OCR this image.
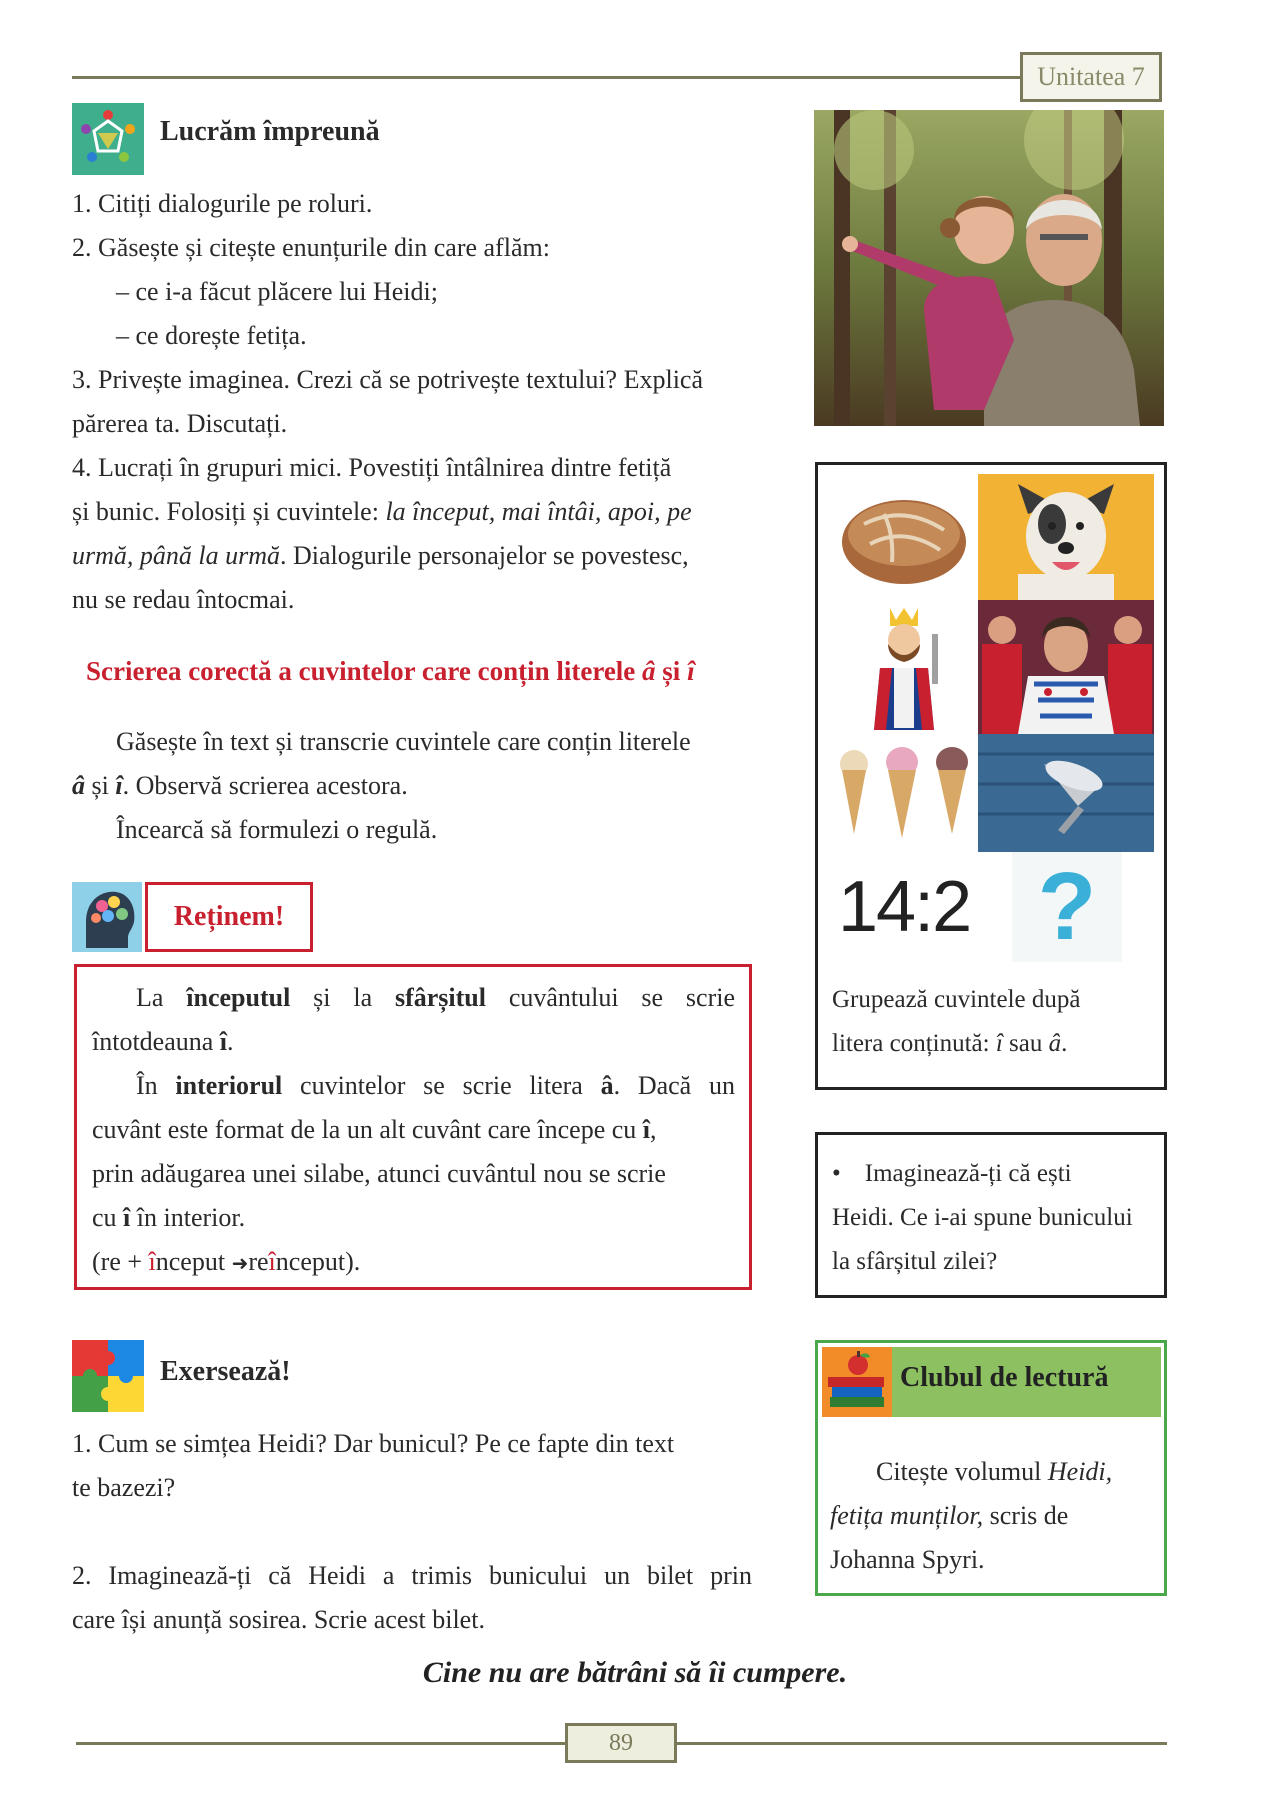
Unitatea 7
Lucrăm împreună
1. Citiți dialogurile pe roluri.
2. Găsește și citește enunțurile din care aflăm:
– ce i-a făcut plăcere lui Heidi;
– ce dorește fetița.
3. Privește imaginea. Crezi că se potrivește textului? Explică
părerea ta. Discutați.
4. Lucrați în grupuri mici. Povestiți întâlnirea dintre fetiță
și bunic. Folosiți și cuvintele: la început, mai întâi, apoi, pe
urmă, până la urmă. Dialogurile personajelor se povestesc,
nu se redau întocmai.
Scrierea corectă a cuvintelor care conțin literele â și î
Găsește în text și transcrie cuvintele care conțin literele
â și î. Observă scrierea acestora.
Încearcă să formulezi o regulă.
Reținem!
La începutul și la sfârșitul cuvântului se scrie
întotdeauna î.
În interiorul cuvintelor se scrie litera â. Dacă un
cuvânt este format de la un alt cuvânt care începe cu î,
prin adăugarea unei silabe, atunci cuvântul nou se scrie
cu î în interior.
(re + început ➜reînceput).
Exersează!
1. Cum se simțea Heidi? Dar bunicul? Pe ce fapte din text
te bazezi?
2. Imaginează-ți că Heidi a trimis bunicului un bilet prin
care își anunță sosirea. Scrie acest bilet.
14:2 ?
Grupează cuvintele după
litera conținută: î sau â.
• Imaginează-ți că ești
Heidi. Ce i-ai spune bunicului
la sfârșitul zilei?
Clubul de lectură
Citește volumul Heidi,
fetița munților, scris de
Johanna Spyri.
Cine nu are bătrâni să îi cumpere.
89
